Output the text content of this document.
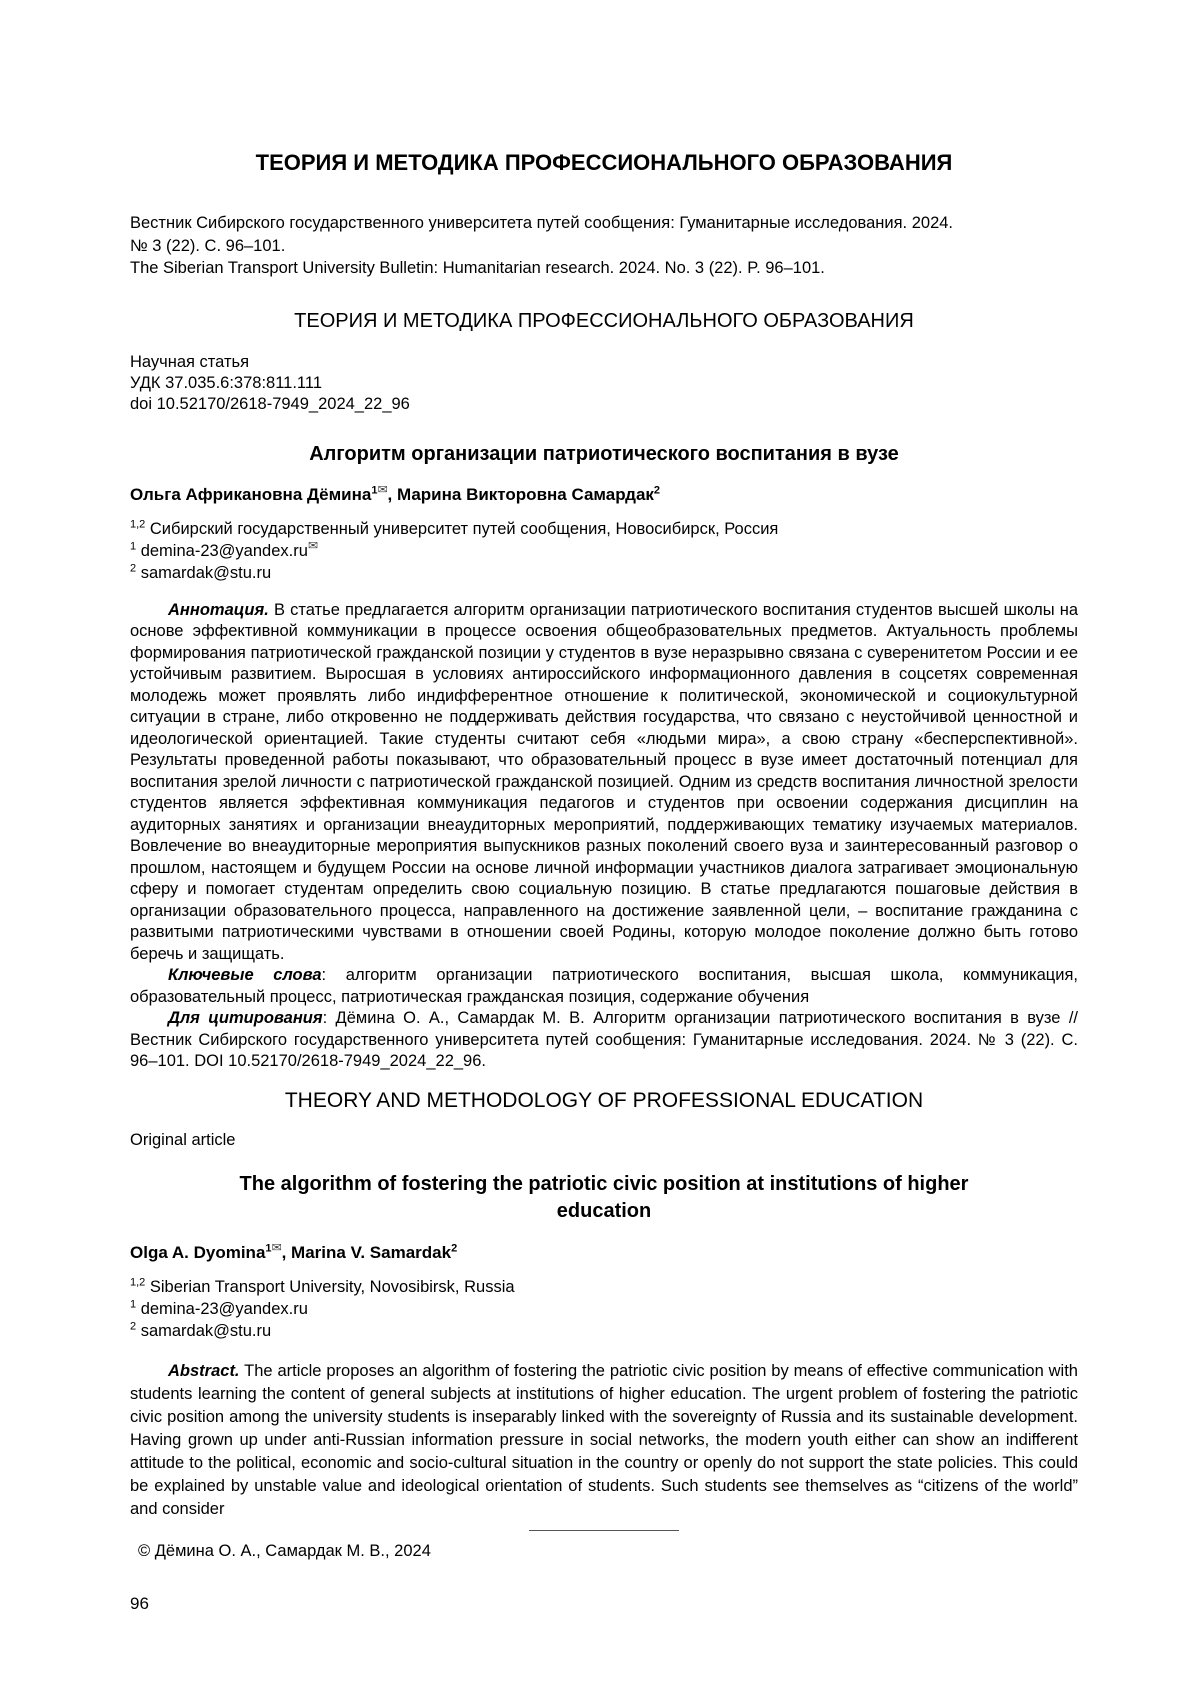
ТЕОРИЯ И МЕТОДИКА ПРОФЕССИОНАЛЬНОГО ОБРАЗОВАНИЯ

Вестник Сибирского государственного университета путей сообщения: Гуманитарные исследования. 2024.

№ 3 (22). С. 96–101.

The Siberian Transport University Bulletin: Humanitarian research. 2024. No. 3 (22). P. 96–101.

ТЕОРИЯ И МЕТОДИКА ПРОФЕССИОНАЛЬНОГО ОБРАЗОВАНИЯ

Научная статья

УДК 37.035.6:378:811.111

doi 10.52170/2618-7949_2024_22_96

Алгоритм организации патриотического воспитания в вузе

Ольга Африкановна Дёмина$^{1✉}$, Марина Викторовна Самардак$^2$

$^{1,2}$ Сибирский государственный университет путей сообщения, Новосибирск, Россия

$^1$ demina-23@yandex.ru✉

$^2$ samardak@stu.ru

Аннотация. В статье предлагается алгоритм организации патриотического воспитания студентов высшей школы на основе эффективной коммуникации в процессе освоения общеобразовательных предметов. Актуальность проблемы формирования патриотической гражданской позиции у студентов в вузе неразрывно связана с суверенитетом России и ее устойчивым развитием. Выросшая в условиях антироссийского информационного давления в соцсетях современная молодежь может проявлять либо индифферентное отношение к политической, экономической и социокультурной ситуации в стране, либо откровенно не поддерживать действия государства, что связано с неустойчивой ценностной и идеологической ориентацией. Такие студенты считают себя «людьми мира», а свою страну «бесперспективной». Результаты проведенной работы показывают, что образовательный процесс в вузе имеет достаточный потенциал для воспитания зрелой личности с патриотической гражданской позицией. Одним из средств воспитания личностной зрелости студентов является эффективная коммуникация педагогов и студентов при освоении содержания дисциплин на аудиторных занятиях и организации внеаудиторных мероприятий, поддерживающих тематику изучаемых материалов. Вовлечение во внеаудиторные мероприятия выпускников разных поколений своего вуза и заинтересованный разговор о прошлом, настоящем и будущем России на основе личной информации участников диалога затрагивает эмоциональную сферу и помогает студентам определить свою социальную позицию. В статье предлагаются пошаговые действия в организации образовательного процесса, направленного на достижение заявленной цели, – воспитание гражданина с развитыми патриотическими чувствами в отношении своей Родины, которую молодое поколение должно быть готово беречь и защищать.

Ключевые слова: алгоритм организации патриотического воспитания, высшая школа, коммуникация, образовательный процесс, патриотическая гражданская позиция, содержание обучения

Для цитирования: Дёмина О. А., Самардак М. В. Алгоритм организации патриотического воспитания в вузе // Вестник Сибирского государственного университета путей сообщения: Гуманитарные исследования. 2024. № 3 (22). С. 96–101. DOI 10.52170/2618-7949_2024_22_96.

THEORY AND METHODOLOGY OF PROFESSIONAL EDUCATION

Original article

The algorithm of fostering the patriotic civic position at institutions of higher education

Olga A. Dyomina$^{1✉}$, Marina V. Samardak$^2$

$^{1,2}$ Siberian Transport University, Novosibirsk, Russia

$^1$ demina-23@yandex.ru

$^2$ samardak@stu.ru

Abstract. The article proposes an algorithm of fostering the patriotic civic position by means of effective communication with students learning the content of general subjects at institutions of higher education. The urgent problem of fostering the patriotic civic position among the university students is inseparably linked with the sovereignty of Russia and its sustainable development. Having grown up under anti-Russian information pressure in social networks, the modern youth either can show an indifferent attitude to the political, economic and socio-cultural situation in the country or openly do not support the state policies. This could be explained by unstable value and ideological orientation of students. Such students see themselves as “citizens of the world” and consider

© Дёмина О. А., Самардак М. В., 2024

96
